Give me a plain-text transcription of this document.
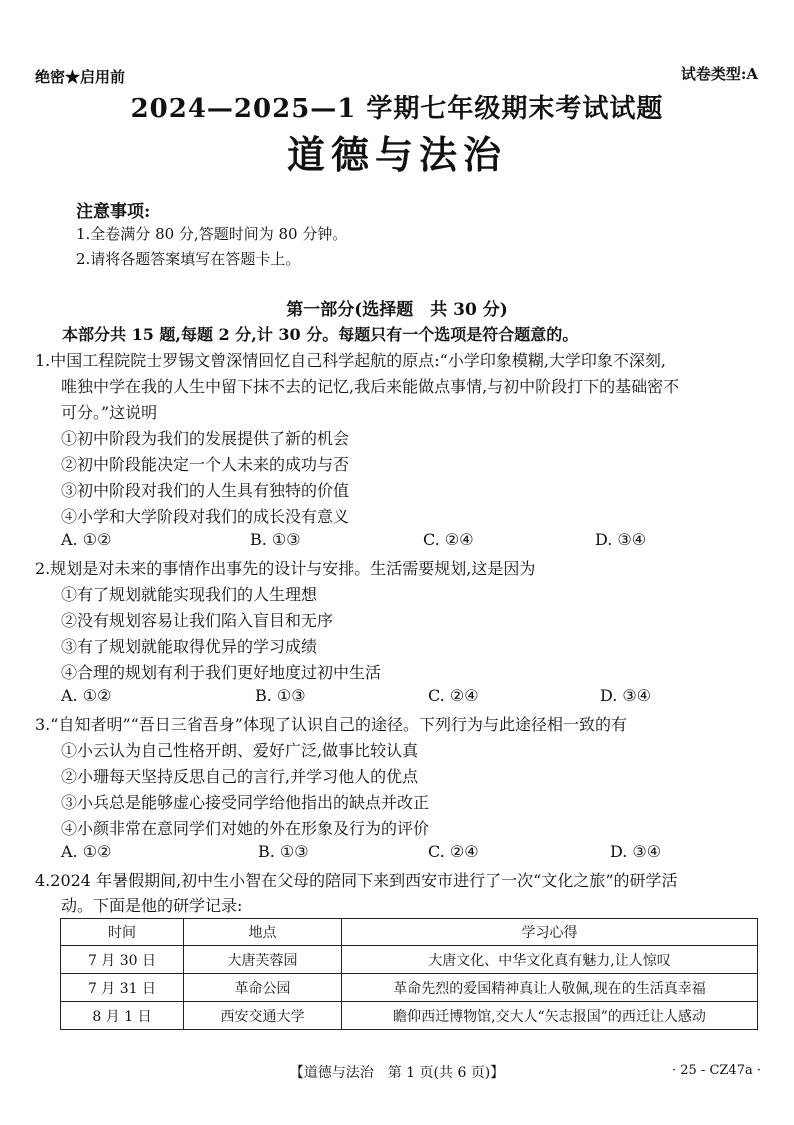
绝密★启用前	试卷类型:A
2024—2025—1 学期七年级期末考试试题
道德与法治
注意事项:
1.全卷满分 80 分,答题时间为 80 分钟。
2.请将各题答案填写在答题卡上。
第一部分(选择题　共 30 分)
本部分共 15 题,每题 2 分,计 30 分。每题只有一个选项是符合题意的。
1.中国工程院院士罗锡文曾深情回忆自己科学起航的原点:“小学印象模糊,大学印象不深刻,
唯独中学在我的人生中留下抹不去的记忆,我后来能做点事情,与初中阶段打下的基础密不
可分。”这说明
①初中阶段为我们的发展提供了新的机会
②初中阶段能决定一个人未来的成功与否
③初中阶段对我们的人生具有独特的价值
④小学和大学阶段对我们的成长没有意义
A. ①②	B. ①③	C. ②④	D. ③④
2.规划是对未来的事情作出事先的设计与安排。生活需要规划,这是因为
①有了规划就能实现我们的人生理想
②没有规划容易让我们陷入盲目和无序
③有了规划就能取得优异的学习成绩
④合理的规划有利于我们更好地度过初中生活
A. ①②	B. ①③	C. ②④	D. ③④
3.“自知者明”“吾日三省吾身”体现了认识自己的途径。下列行为与此途径相一致的有
①小云认为自己性格开朗、爱好广泛,做事比较认真
②小珊每天坚持反思自己的言行,并学习他人的优点
③小兵总是能够虚心接受同学给他指出的缺点并改正
④小颜非常在意同学们对她的外在形象及行为的评价
A. ①②	B. ①③	C. ②④	D. ③④
4.2024 年暑假期间,初中生小智在父母的陪同下来到西安市进行了一次“文化之旅”的研学活
动。下面是他的研学记录:
时间	地点	学习心得
7 月 30 日	大唐芙蓉园	大唐文化、中华文化真有魅力,让人惊叹
7 月 31 日	革命公园	革命先烈的爱国精神真让人敬佩,现在的生活真幸福
8 月 1 日	西安交通大学	瞻仰西迁博物馆,交大人“矢志报国”的西迁让人感动
【道德与法治　第 1 页(共 6 页)】	· 25 - CZ47a ·
